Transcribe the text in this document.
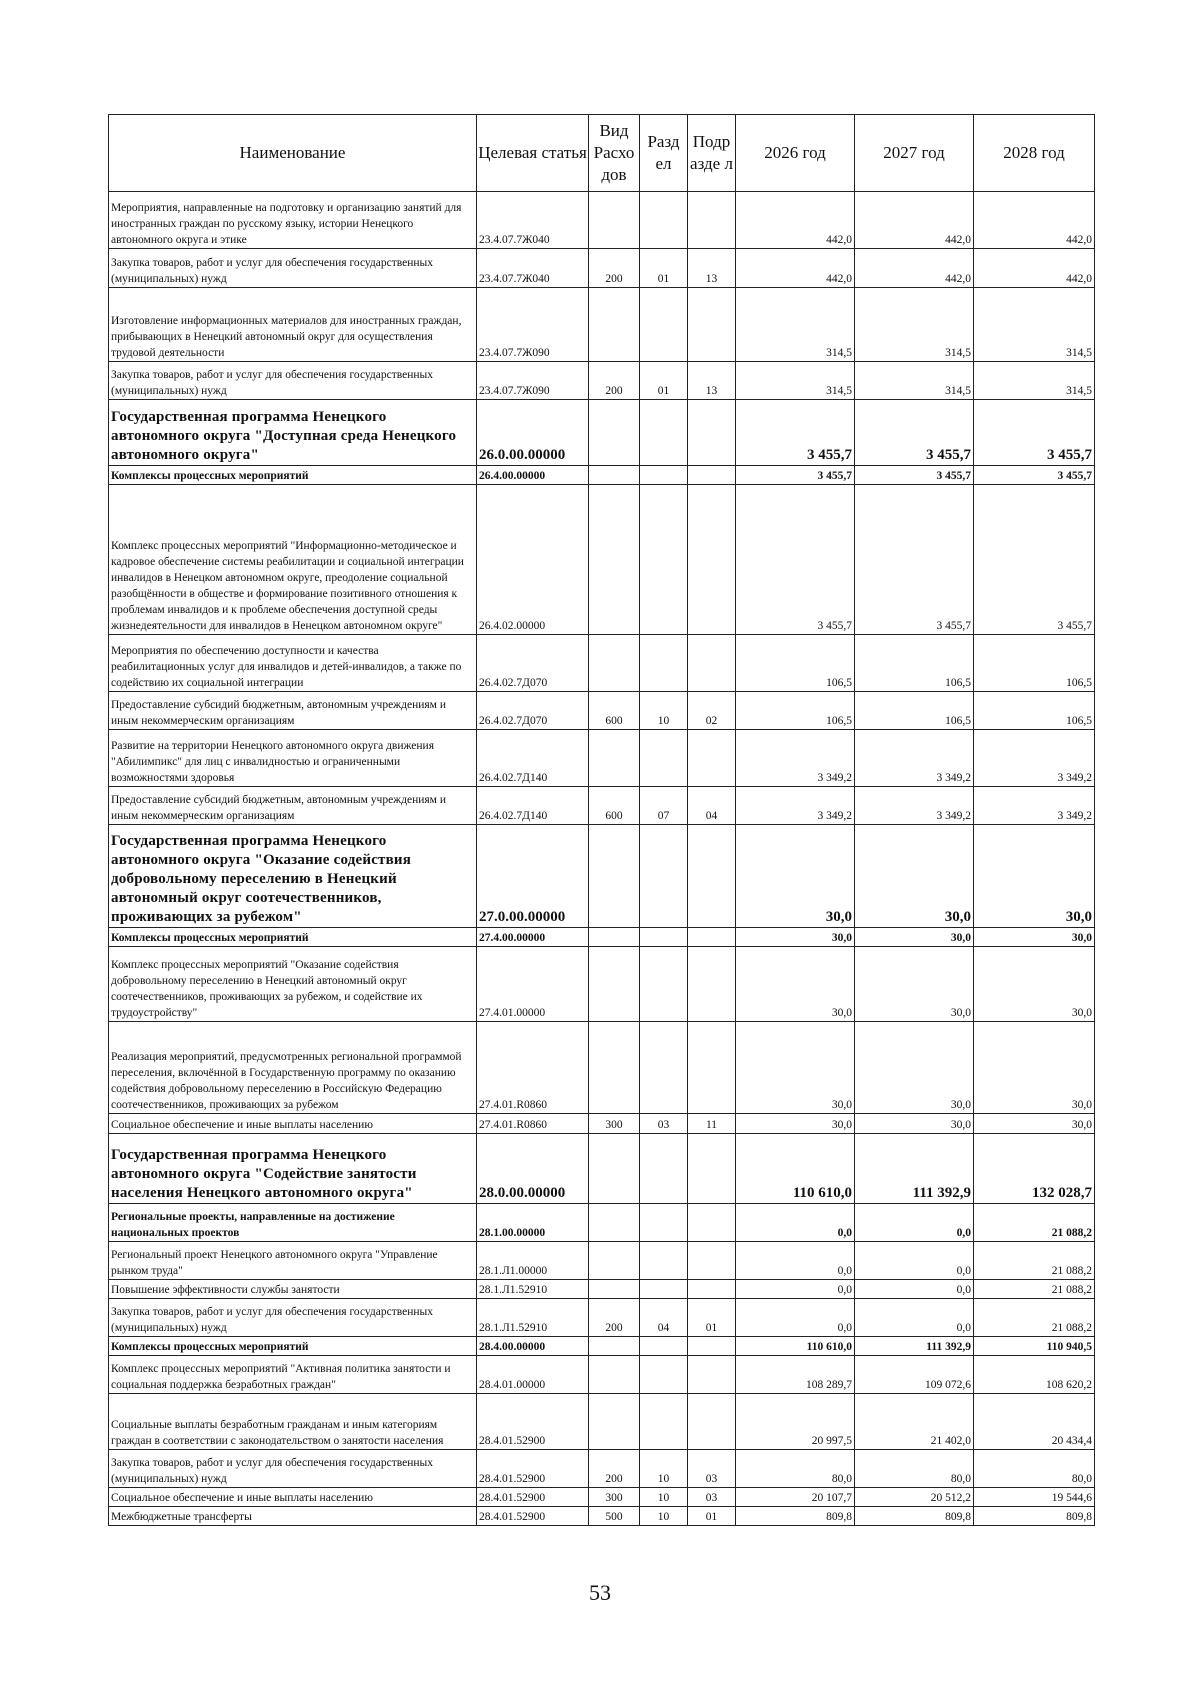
Наименование	Целевая статья	Вид Расхо дов	Разд ел	Подр азде л	2026 год	2027 год	2028 год
Мероприятия, направленные на подготовку и организацию занятий для иностранных граждан по русскому языку, истории Ненецкого автономного округа и этике	23.4.07.7Ж040				442,0	442,0	442,0
Закупка товаров, работ и услуг для обеспечения государственных (муниципальных) нужд	23.4.07.7Ж040	200	01	13	442,0	442,0	442,0
Изготовление информационных материалов для иностранных граждан, прибывающих в Ненецкий автономный округ для осуществления трудовой деятельности	23.4.07.7Ж090				314,5	314,5	314,5
Закупка товаров, работ и услуг для обеспечения государственных (муниципальных) нужд	23.4.07.7Ж090	200	01	13	314,5	314,5	314,5
Государственная программа Ненецкого автономного округа "Доступная среда Ненецкого автономного округа"	26.0.00.00000				3 455,7	3 455,7	3 455,7
Комплексы процессных мероприятий	26.4.00.00000				3 455,7	3 455,7	3 455,7
Комплекс процессных мероприятий "Информационно-методическое и кадровое обеспечение системы реабилитации и социальной интеграции инвалидов в Ненецком автономном округе, преодоление социальной разобщённости в обществе и формирование позитивного отношения к проблемам инвалидов и к проблеме обеспечения доступной среды жизнедеятельности для инвалидов в Ненецком автономном округе"	26.4.02.00000				3 455,7	3 455,7	3 455,7
Мероприятия по обеспечению доступности и качества реабилитационных услуг для инвалидов и детей-инвалидов, а также по содействию их социальной интеграции	26.4.02.7Д070				106,5	106,5	106,5
Предоставление субсидий бюджетным, автономным учреждениям и иным некоммерческим организациям	26.4.02.7Д070	600	10	02	106,5	106,5	106,5
Развитие на территории Ненецкого автономного округа движения "Абилимпикс" для лиц с инвалидностью и ограниченными возможностями здоровья	26.4.02.7Д140				3 349,2	3 349,2	3 349,2
Предоставление субсидий бюджетным, автономным учреждениям и иным некоммерческим организациям	26.4.02.7Д140	600	07	04	3 349,2	3 349,2	3 349,2
Государственная программа Ненецкого автономного округа "Оказание содействия добровольному переселению в Ненецкий автономный округ соотечественников, проживающих за рубежом"	27.0.00.00000				30,0	30,0	30,0
Комплексы процессных мероприятий	27.4.00.00000				30,0	30,0	30,0
Комплекс процессных мероприятий "Оказание содействия добровольному переселению в Ненецкий автономный округ соотечественников, проживающих за рубежом, и содействие их трудоустройству"	27.4.01.00000				30,0	30,0	30,0
Реализация мероприятий, предусмотренных региональной программой переселения, включённой в Государственную программу по оказанию содействия добровольному переселению в Российскую Федерацию соотечественников, проживающих за рубежом	27.4.01.R0860				30,0	30,0	30,0
Социальное обеспечение и иные выплаты населению	27.4.01.R0860	300	03	11	30,0	30,0	30,0
Государственная программа Ненецкого автономного округа "Содействие занятости населения Ненецкого автономного округа"	28.0.00.00000				110 610,0	111 392,9	132 028,7
Региональные проекты, направленные на достижение национальных проектов	28.1.00.00000				0,0	0,0	21 088,2
Региональный проект Ненецкого автономного округа "Управление рынком труда"	28.1.Л1.00000				0,0	0,0	21 088,2
Повышение эффективности службы занятости	28.1.Л1.52910				0,0	0,0	21 088,2
Закупка товаров, работ и услуг для обеспечения государственных (муниципальных) нужд	28.1.Л1.52910	200	04	01	0,0	0,0	21 088,2
Комплексы процессных мероприятий	28.4.00.00000				110 610,0	111 392,9	110 940,5
Комплекс процессных мероприятий "Активная политика занятости и социальная поддержка безработных граждан"	28.4.01.00000				108 289,7	109 072,6	108 620,2
Социальные выплаты безработным гражданам и иным категориям граждан в соответствии с законодательством о занятости населения	28.4.01.52900				20 997,5	21 402,0	20 434,4
Закупка товаров, работ и услуг для обеспечения государственных (муниципальных) нужд	28.4.01.52900	200	10	03	80,0	80,0	80,0
Социальное обеспечение и иные выплаты населению	28.4.01.52900	300	10	03	20 107,7	20 512,2	19 544,6
Межбюджетные трансферты	28.4.01.52900	500	10	01	809,8	809,8	809,8
53
